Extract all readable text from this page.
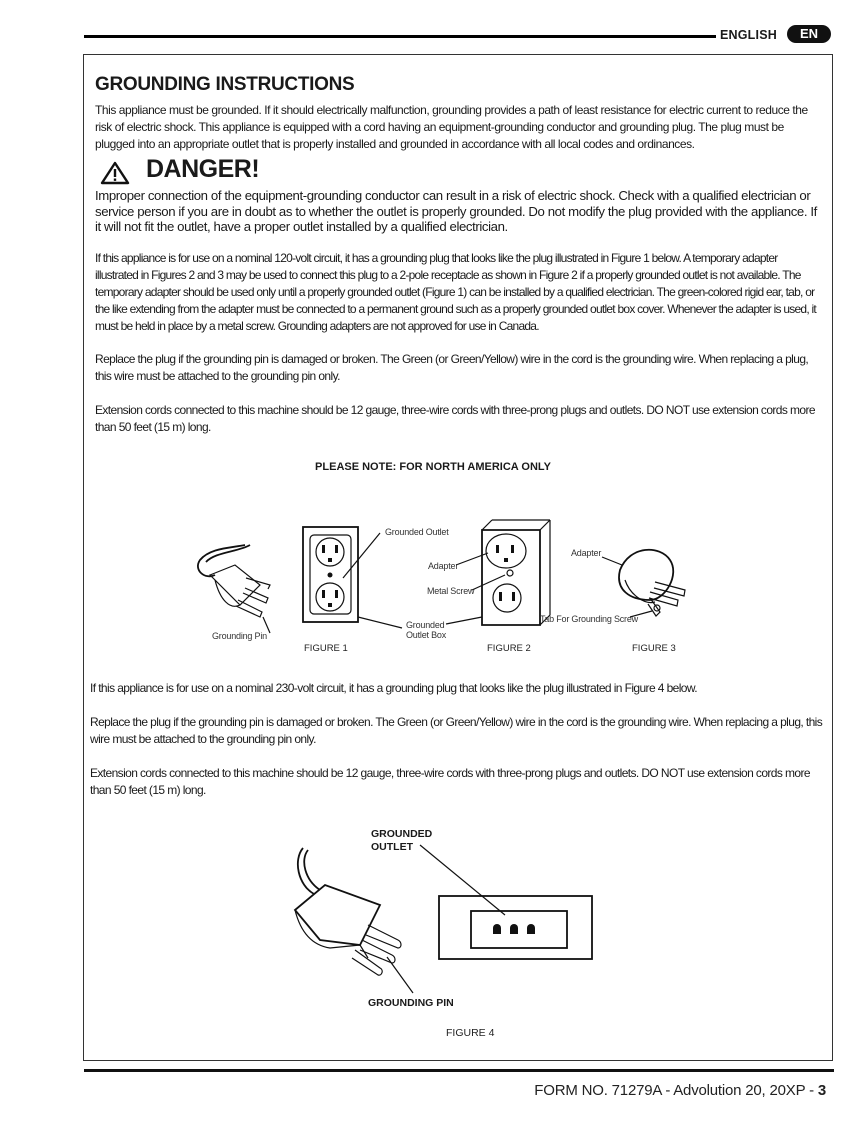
ENGLISH	EN
GROUNDING INSTRUCTIONS

This appliance must be grounded. If it should electrically malfunction, grounding provides a path of least resistance for electric current to reduce the risk of electric shock. This appliance is equipped with a cord having an equipment-grounding conductor and grounding plug. The plug must be plugged into an appropriate outlet that is properly installed and grounded in accordance with all local codes and ordinances.

DANGER!

Improper connection of the equipment-grounding conductor can result in a risk of electric shock. Check with a qualified electrician or service person if you are in doubt as to whether the outlet is properly grounded. Do not modify the plug provided with the appliance. If it will not fit the outlet, have a proper outlet installed by a qualified electrician.

If this appliance is for use on a nominal 120-volt circuit, it has a grounding plug that looks like the plug illustrated in Figure 1 below. A temporary adapter illustrated in Figures 2 and 3 may be used to connect this plug to a 2-pole receptacle as shown in Figure 2 if a properly grounded outlet is not available. The temporary adapter should be used only until a properly grounded outlet (Figure 1) can be installed by a qualified electrician. The green-colored rigid ear, tab, or the like extending from the adapter must be connected to a permanent ground such as a properly grounded outlet box cover. Whenever the adapter is used, it must be held in place by a metal screw. Grounding adapters are not approved for use in Canada.

Replace the plug if the grounding pin is damaged or broken. The Green (or Green/Yellow) wire in the cord is the grounding wire. When replacing a plug, this wire must be attached to the grounding pin only.

Extension cords connected to this machine should be 12 gauge, three-wire cords with three-prong plugs and outlets. DO NOT use extension cords more than 50 feet (15 m) long.

PLEASE NOTE: FOR NORTH AMERICA ONLY
Grounded Outlet
Adapter
Metal Screw
Grounding Pin
Grounded Outlet Box
Adapter
Tab For Grounding Screw
FIGURE 1	FIGURE 2	FIGURE 3

If this appliance is for use on a nominal 230-volt circuit, it has a grounding plug that looks like the plug illustrated in Figure 4 below.

Replace the plug if the grounding pin is damaged or broken. The Green (or Green/Yellow) wire in the cord is the grounding wire. When replacing a plug, this wire must be attached to the grounding pin only.

Extension cords connected to this machine should be 12 gauge, three-wire cords with three-prong plugs and outlets. DO NOT use extension cords more than 50 feet (15 m) long.

GROUNDED
OUTLET
GROUNDING PIN
FIGURE 4
FORM NO. 71279A - Advolution 20, 20XP - 3
